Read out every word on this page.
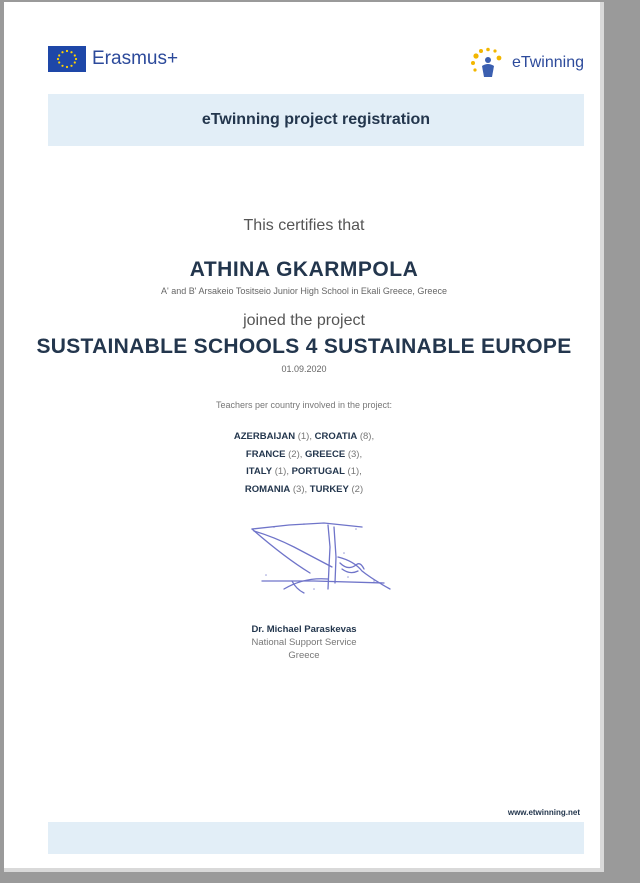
Erasmus+	eTwinning
eTwinning project registration
This certifies that
ATHINA GKARMPOLA
A' and B' Arsakeio Tositseio Junior High School in Ekali Greece, Greece
joined the project
SUSTAINABLE SCHOOLS 4 SUSTAINABLE EUROPE
01.09.2020
Teachers per country involved in the project:
AZERBAIJAN (1), CROATIA (8),
FRANCE (2), GREECE (3),
ITALY (1), PORTUGAL (1),
ROMANIA (3), TURKEY (2)
Dr. Michael Paraskevas
National Support Service
Greece
www.etwinning.net
